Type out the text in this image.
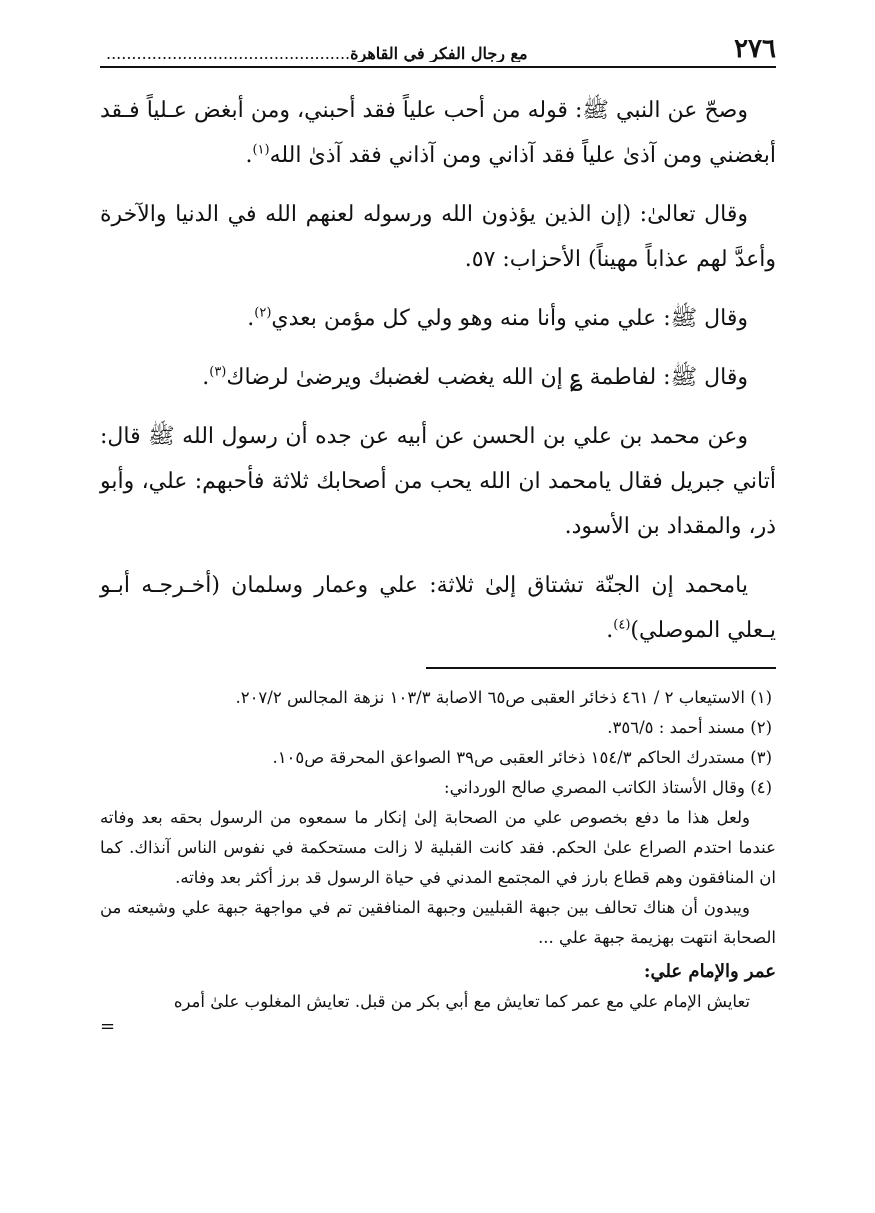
٢٧٦
مع رجال الفكر في القاهرة................................................

وصحّ عن النبي ﷺ: قوله من أحب علياً فقد أحبني، ومن أبغض عـلياً فـقد أبغضني ومن آذىٰ علياً فقد آذاني ومن آذاني فقد آذىٰ الله$^{(١)}$.

وقال تعالىٰ: (إن الذين يؤذون الله ورسوله لعنهم الله في الدنيا والآخرة وأعدَّ لهم عذاباً مهيناً) الأحزاب: ٥٧.

وقال ﷺ: علي مني وأنا منه وهو ولي كل مؤمن بعدي$^{(٢)}$.

وقال ﷺ: لفاطمة ؏ إن الله يغضب لغضبك ويرضىٰ لرضاك$^{(٣)}$.

وعن محمد بن علي بن الحسن عن أبيه عن جده أن رسول الله ﷺ قال: أتاني جبريل فقال يامحمد ان الله يحب من أصحابك ثلاثة فأحبهم: علي، وأبو ذر، والمقداد بن الأسود.

يامحمد إن الجنّة تشتاق إلىٰ ثلاثة: علي وعمار وسلمان (أخـرجـه أبـو يـعلي الموصلي)$^{(٤)}$.

(١) الاستيعاب ٢ / ٤٦١ ذخائر العقبى ص٦٥ الاصابة ١٠٣/٣ نزهة المجالس ٢٠٧/٢.

(٢) مسند أحمد : ٣٥٦/٥.

(٣) مستدرك الحاكم ١٥٤/٣ ذخائر العقبى ص٣٩ الصواعق المحرقة ص١٠٥.

(٤) وقال الأستاذ الكاتب المصري صالح الورداني:

ولعل هذا ما دفع بخصوص علي من الصحابة إلىٰ إنكار ما سمعوه من الرسول بحقه بعد وفاته عندما احتدم الصراع علىٰ الحكم. فقد كانت القبلية لا زالت مستحكمة في نفوس الناس آنذاك. كما ان المنافقون وهم قطاع بارز في المجتمع المدني في حياة الرسول قد برز أكثر بعد وفاته.

ويبدون أن هناك تحالف بين جبهة القبليين وجبهة المنافقين تم في مواجهة جبهة علي وشيعته من الصحابة انتهت بهزيمة جبهة علي ...

عمر والإمام علي:

تعايش الإمام علي مع عمر كما تعايش مع أبي بكر من قبل. تعايش المغلوب علىٰ أمره

=
